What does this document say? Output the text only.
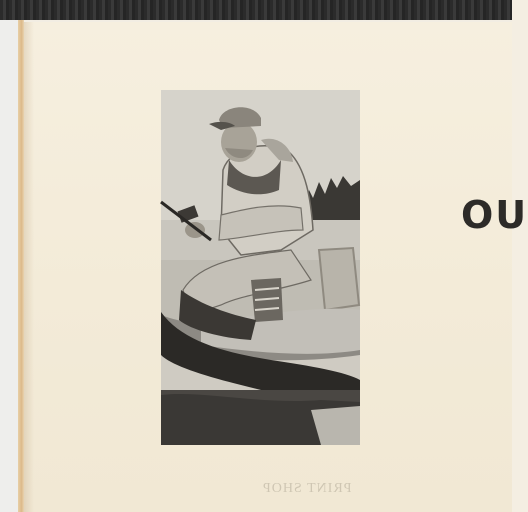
OU
PRINT SHOP
